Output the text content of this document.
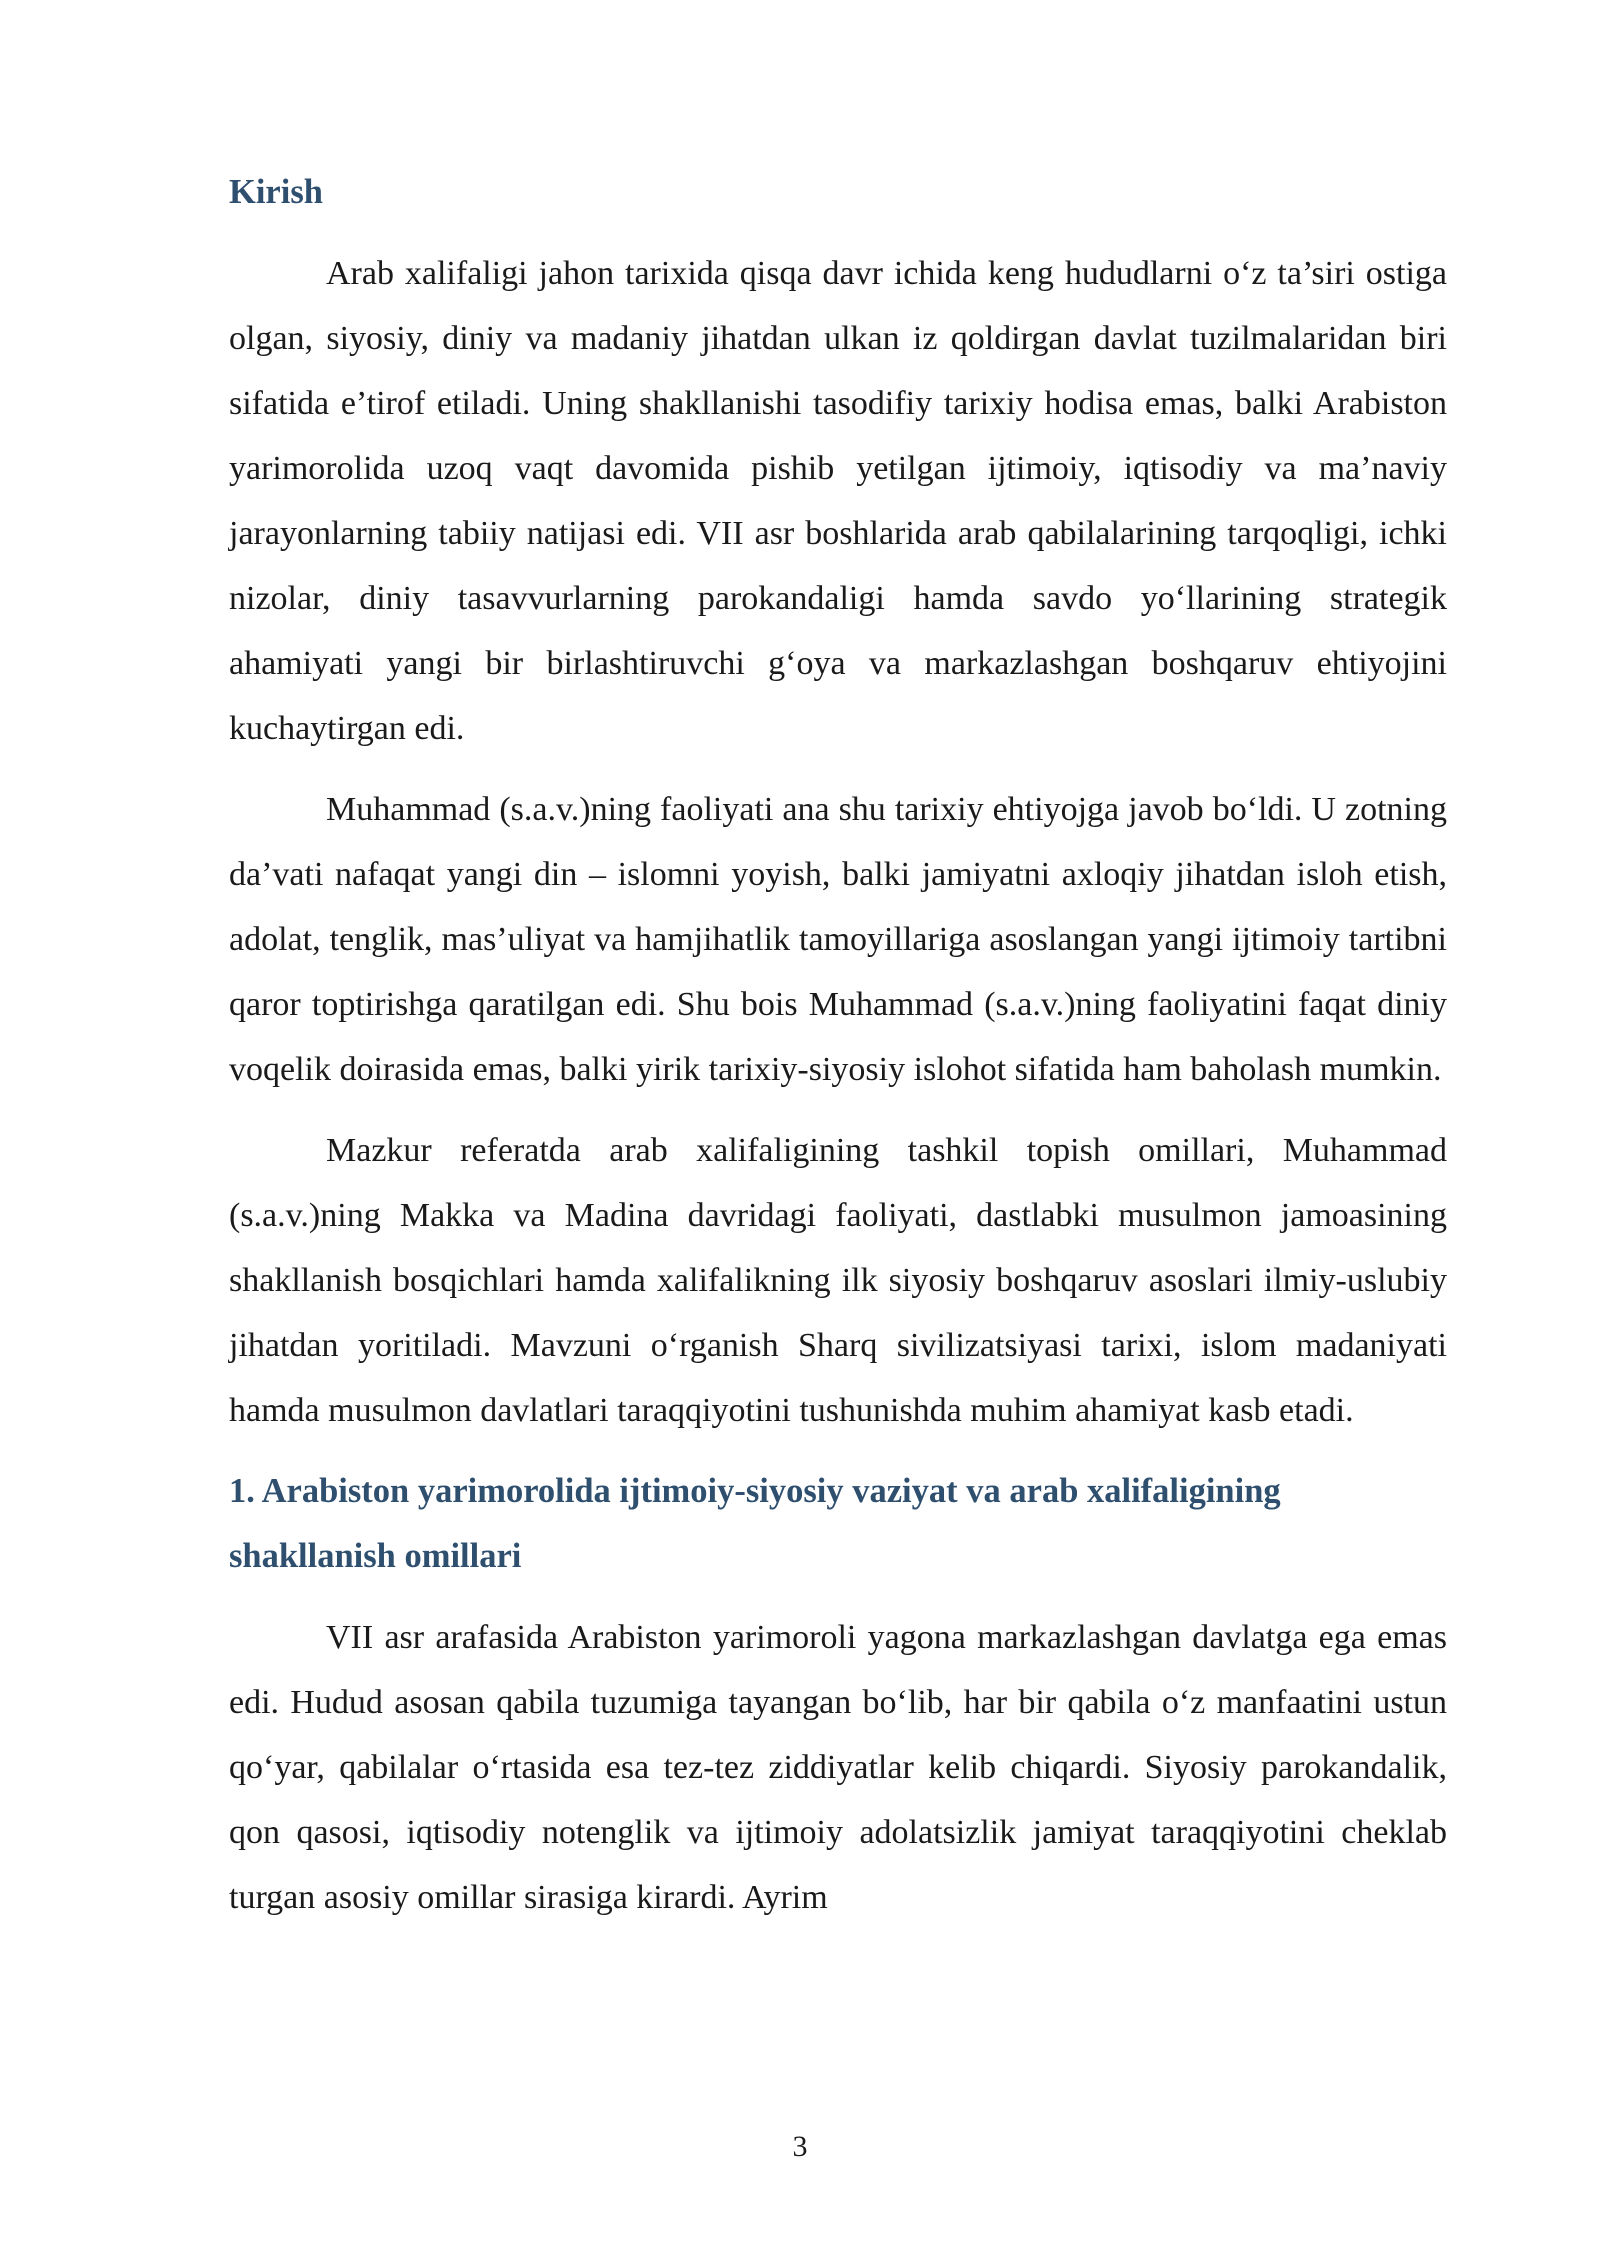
Kirish

Arab xalifaligi jahon tarixida qisqa davr ichida keng hududlarni o‘z ta’siri ostiga olgan, siyosiy, diniy va madaniy jihatdan ulkan iz qoldirgan davlat tuzilmalaridan biri sifatida e’tirof etiladi. Uning shakllanishi tasodifiy tarixiy hodisa emas, balki Arabiston yarimorolida uzoq vaqt davomida pishib yetilgan ijtimoiy, iqtisodiy va ma’naviy jarayonlarning tabiiy natijasi edi. VII asr boshlarida arab qabilalarining tarqoqligi, ichki nizolar, diniy tasavvurlarning parokandaligi hamda savdo yo‘llarining strategik ahamiyati yangi bir birlashtiruvchi g‘oya va markazlashgan boshqaruv ehtiyojini kuchaytirgan edi.

Muhammad (s.a.v.)ning faoliyati ana shu tarixiy ehtiyojga javob bo‘ldi. U zotning da’vati nafaqat yangi din – islomni yoyish, balki jamiyatni axloqiy jihatdan isloh etish, adolat, tenglik, mas’uliyat va hamjihatlik tamoyillariga asoslangan yangi ijtimoiy tartibni qaror toptirishga qaratilgan edi. Shu bois Muhammad (s.a.v.)ning faoliyatini faqat diniy voqelik doirasida emas, balki yirik tarixiy-siyosiy islohot sifatida ham baholash mumkin.

Mazkur referatda arab xalifaligining tashkil topish omillari, Muhammad (s.a.v.)ning Makka va Madina davridagi faoliyati, dastlabki musulmon jamoasining shakllanish bosqichlari hamda xalifalikning ilk siyosiy boshqaruv asoslari ilmiy-uslubiy jihatdan yoritiladi. Mavzuni o‘rganish Sharq sivilizatsiyasi tarixi, islom madaniyati hamda musulmon davlatlari taraqqiyotini tushunishda muhim ahamiyat kasb etadi.

1. Arabiston yarimorolida ijtimoiy-siyosiy vaziyat va arab xalifaligining shakllanish omillari

VII asr arafasida Arabiston yarimoroli yagona markazlashgan davlatga ega emas edi. Hudud asosan qabila tuzumiga tayangan bo‘lib, har bir qabila o‘z manfaatini ustun qo‘yar, qabilalar o‘rtasida esa tez-tez ziddiyatlar kelib chiqardi. Siyosiy parokandalik, qon qasosi, iqtisodiy notenglik va ijtimoiy adolatsizlik jamiyat taraqqiyotini cheklab turgan asosiy omillar sirasiga kirardi. Ayrim

3
